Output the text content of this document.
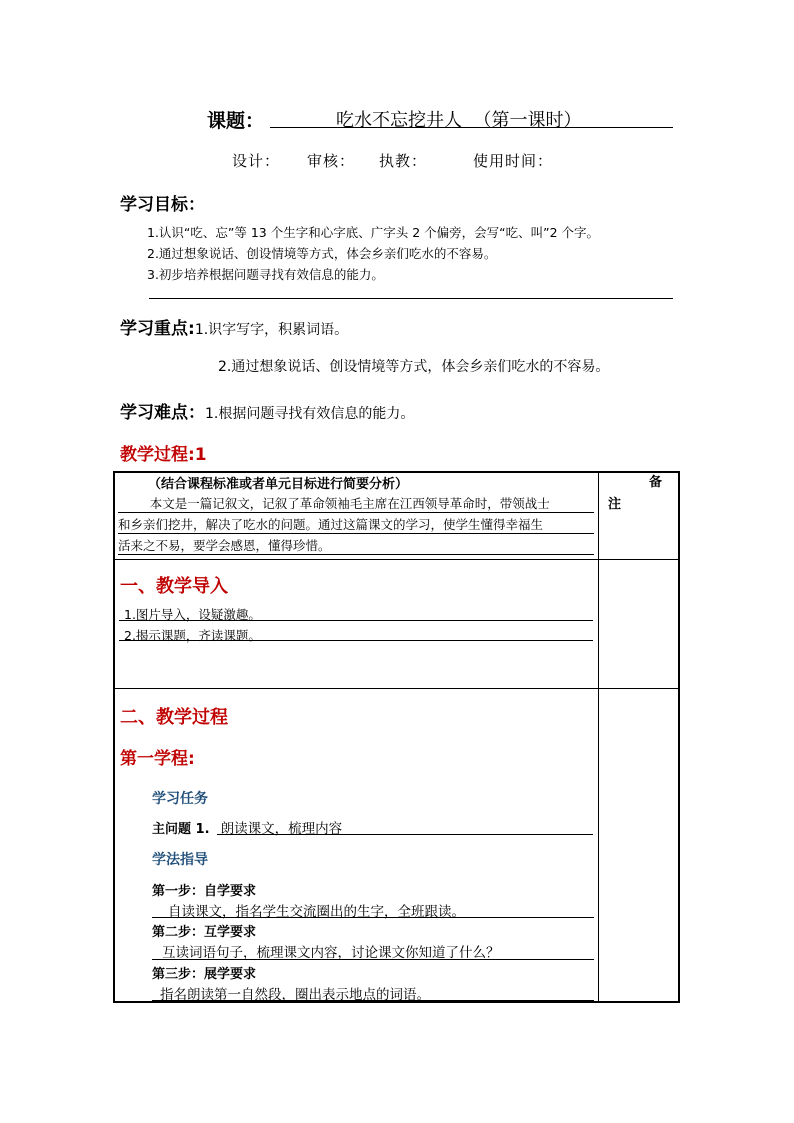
课题：	吃水不忘挖井人  （第一课时）
设计： 审核： 执教：	使用时间：
学习目标：
1.认识“吃、忘”等 13 个生字和心字底、广字头 2 个偏旁，会写“吃、叫”2 个字。
2.通过想象说话、创设情境等方式，体会乡亲们吃水的不容易。
3.初步培养根据问题寻找有效信息的能力。
学习重点:1.识字写字，积累词语。
2.通过想象说话、创设情境等方式，体会乡亲们吃水的不容易。
学习难点：1.根据问题寻找有效信息的能力。
教学过程:1
（结合课程标准或者单元目标进行简要分析）
本文是一篇记叙文，记叙了革命领袖毛主席在江西领导革命时，带领战士
和乡亲们挖井，解决了吃水的问题。通过这篇课文的学习，使学生懂得幸福生
活来之不易，要学会感恩，懂得珍惜。
备
注
一、教学导入
1.图片导入，设疑激趣。
2.揭示课题，齐读课题。
二、教学过程
第一学程:
学习任务
主问题 1. 朗读课文，梳理内容
学法指导
第一步：自学要求
自读课文，指名学生交流圈出的生字，全班跟读。
第二步：互学要求
互读词语句子，梳理课文内容，讨论课文你知道了什么？
第三步：展学要求
指名朗读第一自然段，圈出表示地点的词语。
